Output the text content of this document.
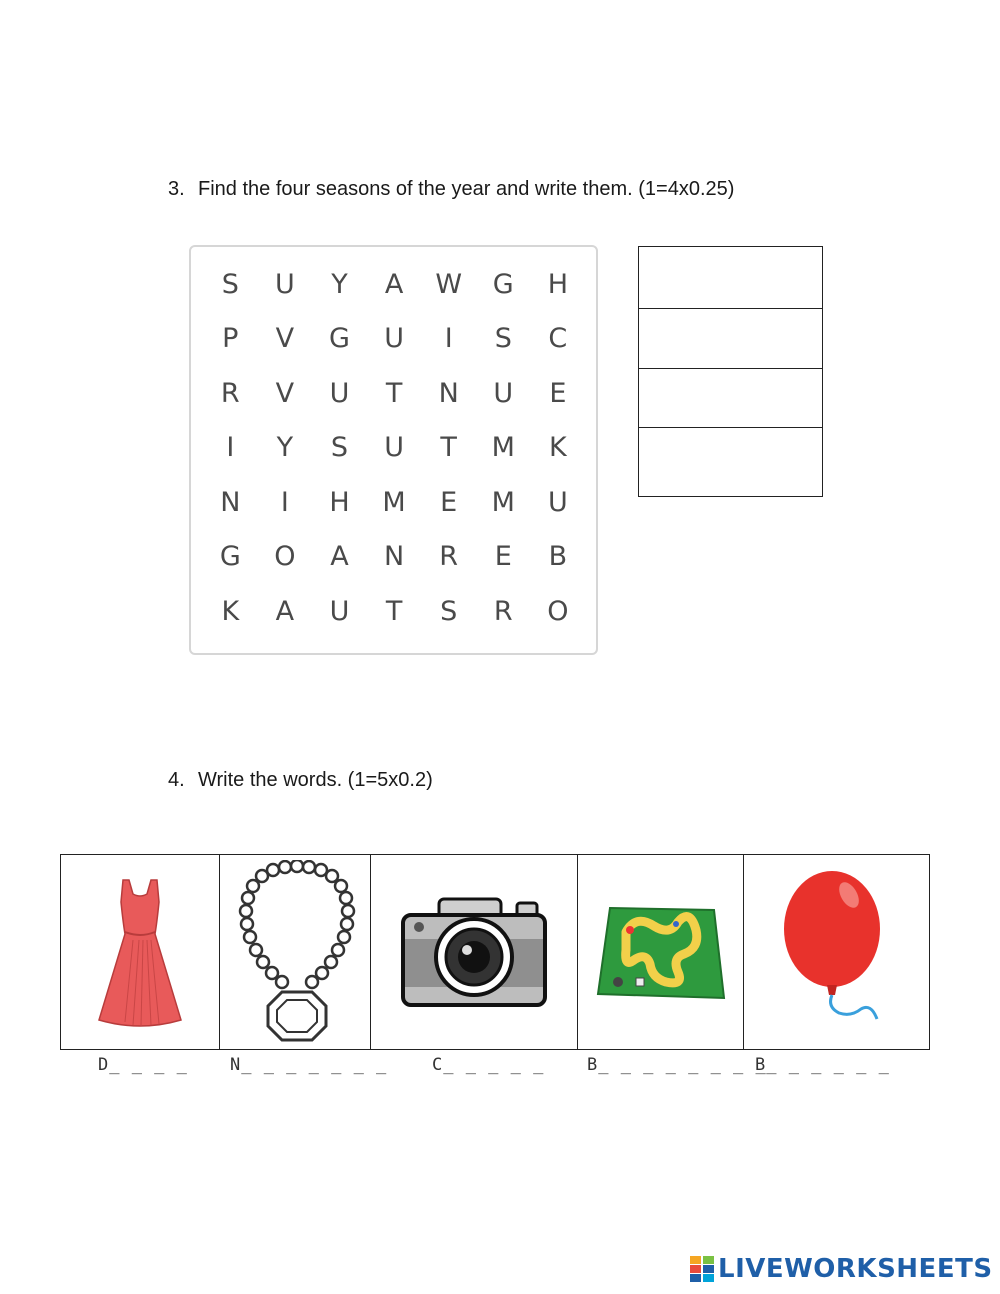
3. Find the four seasons of the year and write them. (1=4x0.25)
S	U	Y	A	W	G	H
P	V	G	U	I	S	C
R	V	U	T	N	U	E
I	Y	S	U	T	M	K
N	I	H	M	E	M	U
G	O	A	N	R	E	B
K	A	U	T	S	R	O
4. Write the words. (1=5x0.2)
D_ _ _ _ N_ _ _ _ _ _ _	C_ _ _ _ _	B_ _ _ _ _ _ _ _
B_ _ _ _ _ _
LIVEWORKSHEETS
